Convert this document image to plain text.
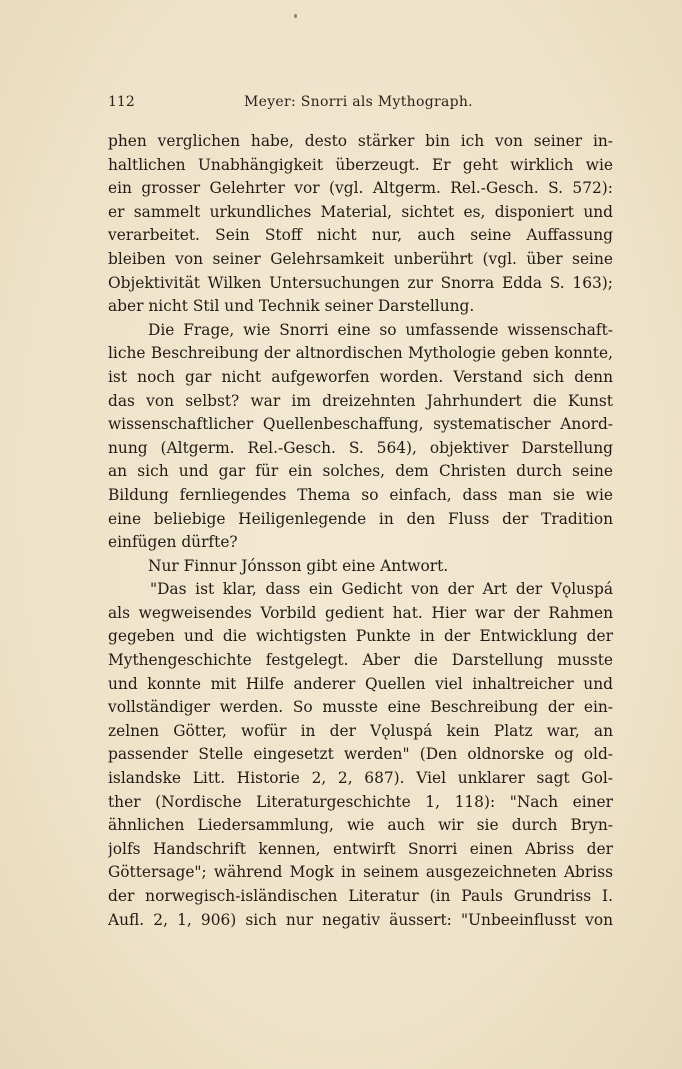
112	Meyer: Snorri als Mythograph.
phen verglichen habe, desto stärker bin ich von seiner in-
haltlichen Unabhängigkeit überzeugt. Er geht wirklich wie
ein grosser Gelehrter vor (vgl. Altgerm. Rel.-Gesch. S. 572):
er sammelt urkundliches Material, sichtet es, disponiert und
verarbeitet. Sein Stoff nicht nur, auch seine Auffassung
bleiben von seiner Gelehrsamkeit unberührt (vgl. über seine
Objektivität Wilken Untersuchungen zur Snorra Edda S. 163);
aber nicht Stil und Technik seiner Darstellung.
Die Frage, wie Snorri eine so umfassende wissenschaft-
liche Beschreibung der altnordischen Mythologie geben konnte,
ist noch gar nicht aufgeworfen worden. Verstand sich denn
das von selbst? war im dreizehnten Jahrhundert die Kunst
wissenschaftlicher Quellenbeschaffung, systematischer Anord-
nung (Altgerm. Rel.-Gesch. S. 564), objektiver Darstellung
an sich und gar für ein solches, dem Christen durch seine
Bildung fernliegendes Thema so einfach, dass man sie wie
eine beliebige Heiligenlegende in den Fluss der Tradition
einfügen dürfte?
Nur Finnur Jónsson gibt eine Antwort.
"Das ist klar, dass ein Gedicht von der Art der Vǫluspá
als wegweisendes Vorbild gedient hat. Hier war der Rahmen
gegeben und die wichtigsten Punkte in der Entwicklung der
Mythengeschichte festgelegt. Aber die Darstellung musste
und konnte mit Hilfe anderer Quellen viel inhaltreicher und
vollständiger werden. So musste eine Beschreibung der ein-
zelnen Götter, wofür in der Vǫluspá kein Platz war, an
passender Stelle eingesetzt werden" (Den oldnorske og old-
islandske Litt. Historie 2, 2, 687). Viel unklarer sagt Gol-
ther (Nordische Literaturgeschichte 1, 118): "Nach einer
ähnlichen Liedersammlung, wie auch wir sie durch Bryn-
jolfs Handschrift kennen, entwirft Snorri einen Abriss der
Göttersage"; während Mogk in seinem ausgezeichneten Abriss
der norwegisch-isländischen Literatur (in Pauls Grundriss I.
Aufl. 2, 1, 906) sich nur negativ äussert: "Unbeeinflusst von
